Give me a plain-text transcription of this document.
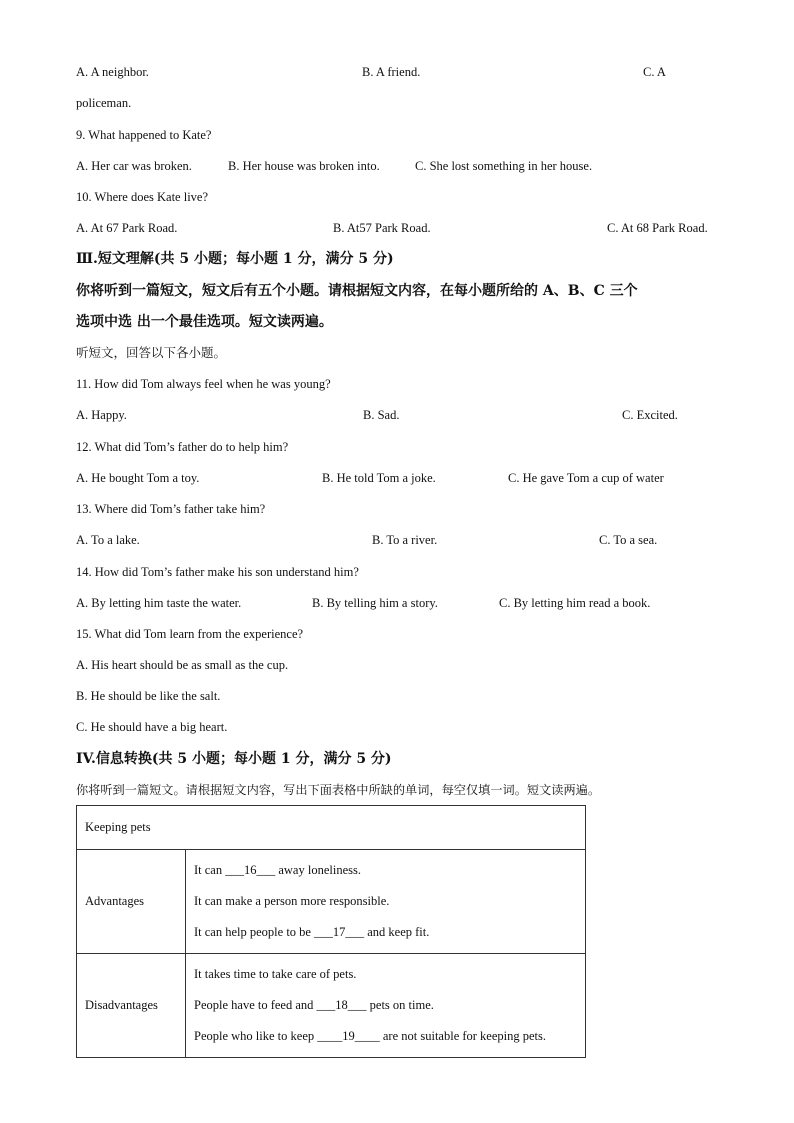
A. A neighbor.	B. A friend.	C. A
policeman.
9. What happened to Kate?
A. Her car was broken.	B. Her house was broken into.	C. She lost something in her house.
10. Where does Kate live?
A. At 67 Park Road.	B. At57 Park Road.	C. At 68 Park Road.
Ⅲ.短文理解(共 5 小题；每小题 1 分，满分 5 分)
你将听到一篇短文，短文后有五个小题。请根据短文内容，在每小题所给的 A、B、C 三个
选项中选 出一个最佳选项。短文读两遍。
听短文，回答以下各小题。
11. How did Tom always feel when he was young?
A. Happy.	B. Sad.	C. Excited.
12. What did Tom’s father do to help him?
A. He bought Tom a toy.	B. He told Tom a joke.	C. He gave Tom a cup of water
13. Where did Tom’s father take him?
A. To a lake.	B. To a river.	C. To a sea.
14. How did Tom’s father make his son understand him?
A. By letting him taste the water.	B. By telling him a story.	C. By letting him read a book.
15. What did Tom learn from the experience?
A. His heart should be as small as the cup.
B. He should be like the salt.
C. He should have a big heart.
IV.信息转换(共 5 小题；每小题 1 分，满分 5 分)
你将听到一篇短文。请根据短文内容，写出下面表格中所缺的单词，每空仅填一词。短文读两遍。
Keeping pets	
Advantages	It can ___16___ away loneliness.
It can make a person more responsible.
It can help people to be ___17___ and keep fit.

Disadvantages	It takes time to take care of pets.
People have to feed and ___18___ pets on time.
People who like to keep ____19____ are not suitable for keeping pets.
